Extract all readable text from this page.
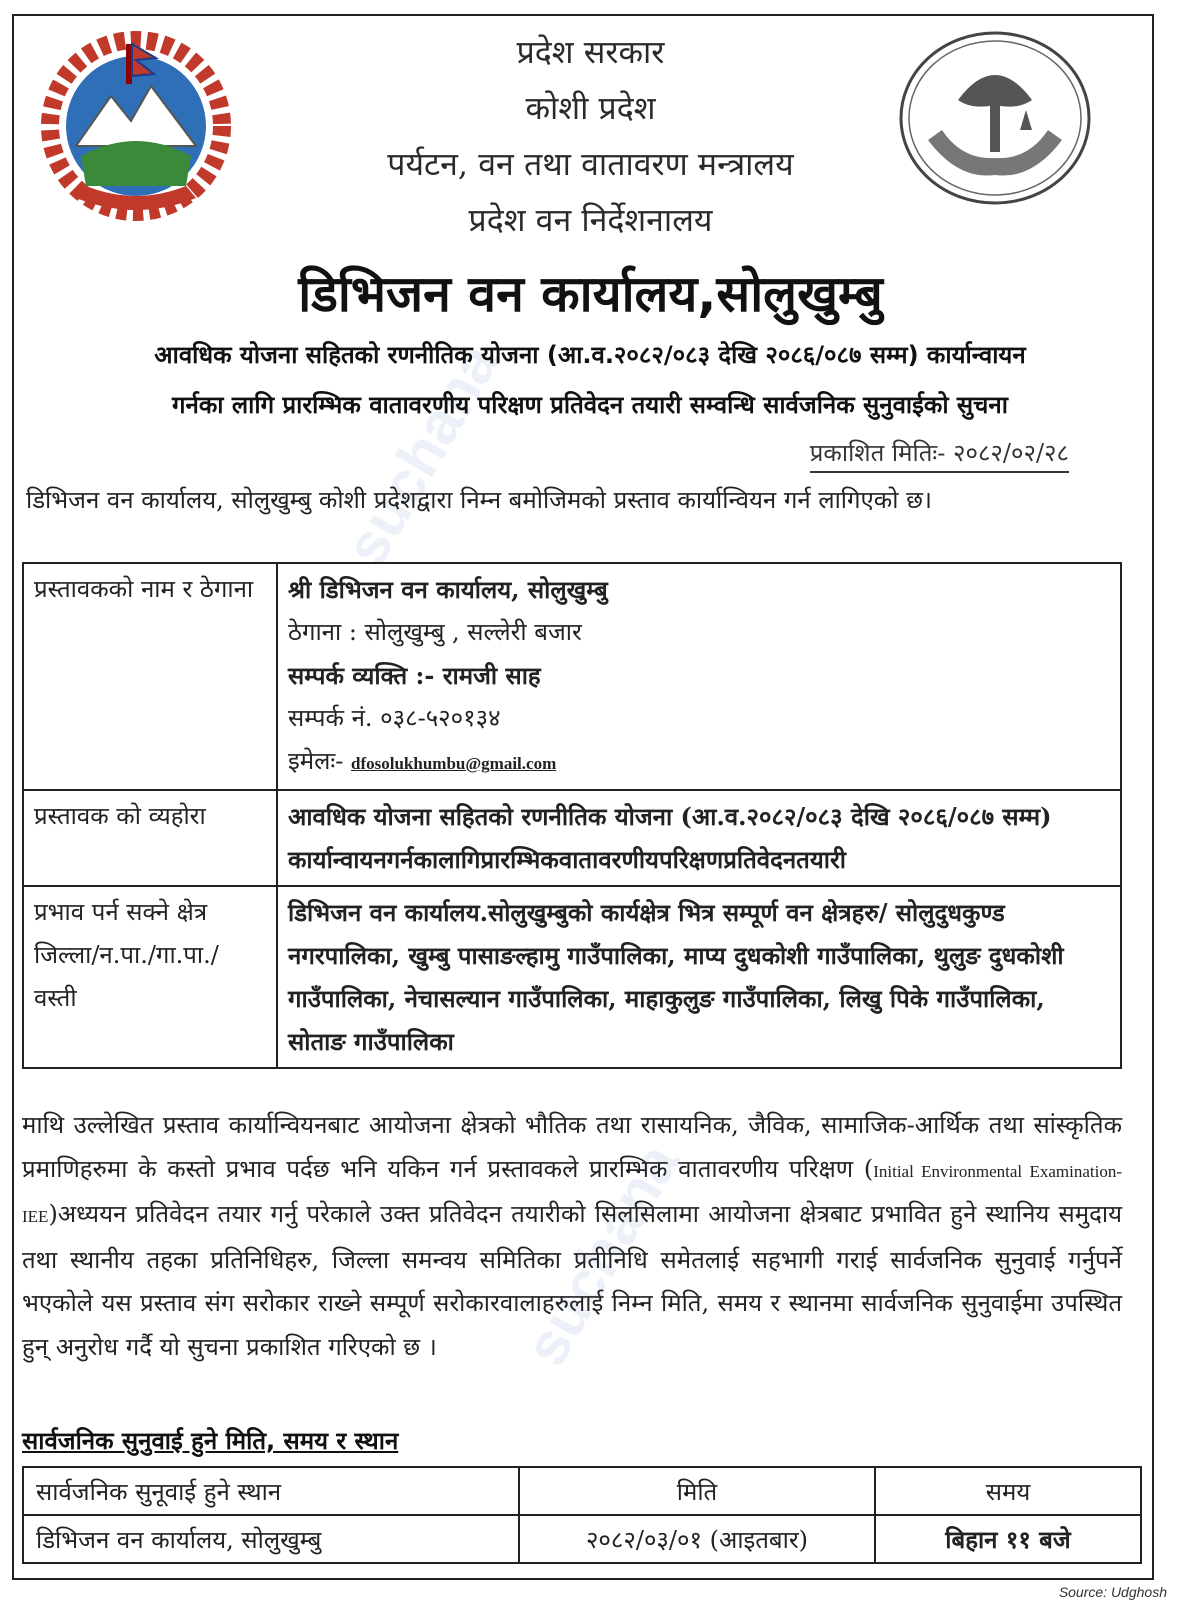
suchana
suchana
प्रदेश सरकार
कोशी प्रदेश
पर्यटन, वन तथा वातावरण मन्त्रालय
प्रदेश वन निर्देशनालय
डिभिजन वन कार्यालय,सोलुखुम्बु
आवधिक योजना सहितको रणनीतिक योजना (आ.व.२०८२/०८३ देखि २०८६/०८७ सम्म) कार्यान्वायन
गर्नका लागि प्रारम्भिक वातावरणीय परिक्षण प्रतिवेदन तयारी सम्वन्धि सार्वजनिक सुनुवाईको सुचना
प्रकाशित मितिः- २०८२/०२/२८
डिभिजन वन कार्यालय, सोलुखुम्बु कोशी प्रदेशद्वारा निम्न बमोजिमको प्रस्ताव कार्यान्वियन गर्न लागिएको छ।
प्रस्तावकको नाम र ठेगाना	श्री डिभिजन वन कार्यालय, सोलुखुम्बु
ठेगाना : सोलुखुम्बु , सल्लेरी बजार
सम्पर्क व्यक्ति :- रामजी साह
सम्पर्क नं. ०३८-५२०१३४
इमेलः- dfosolukhumbu@gmail.com

प्रस्तावक को व्यहोरा	आवधिक योजना सहितको रणनीतिक योजना (आ.व.२०८२/०८३ देखि २०८६/०८७ सम्म)
कार्यान्वायनगर्नकालागिप्रारम्भिकवातावरणीयपरिक्षणप्रतिवेदनतयारी

प्रभाव पर्न सक्ने क्षेत्र जिल्ला/न.पा./गा.पा./ वस्ती	डिभिजन वन कार्यालय.सोलुखुम्बुको कार्यक्षेत्र भित्र सम्पूर्ण वन क्षेत्रहरु/ सोलुदुधकुण्ड नगरपालिका, खुम्बु पासाङल्हामु गाउँपालिका, माप्य दुधकोशी गाउँपालिका, थुलुङ दुधकोशी गाउँपालिका, नेचासल्यान गाउँपालिका, माहाकुलुङ गाउँपालिका, लिखु पिके गाउँपालिका, सोताङ गाउँपालिका
माथि उल्लेखित प्रस्ताव कार्यान्वियनबाट आयोजना क्षेत्रको भौतिक तथा रासायनिक, जैविक, सामाजिक-आर्थिक तथा सांस्कृतिक प्रमाणिहरुमा के कस्तो प्रभाव पर्दछ भनि यकिन गर्न प्रस्तावकले प्रारम्भिक वातावरणीय परिक्षण (Initial Environmental Examination-IEE)अध्ययन प्रतिवेदन तयार गर्नु परेकाले उक्त प्रतिवेदन तयारीको सिलसिलामा आयोजना क्षेत्रबाट प्रभावित हुने स्थानिय समुदाय तथा स्थानीय तहका प्रतिनिधिहरु, जिल्ला समन्वय समितिका प्रतीनिधि समेतलाई सहभागी गराई सार्वजनिक सुनुवाई गर्नुपर्ने भएकोले यस प्रस्ताव संग सरोकार राख्ने सम्पूर्ण सरोकारवालाहरुलाई निम्न मिति, समय र स्थानमा सार्वजनिक सुनुवाईमा उपस्थित हुन् अनुरोध गर्दै यो सुचना प्रकाशित गरिएको छ ।
सार्वजनिक सुनुवाई हुने मिति, समय र स्थान
सार्वजनिक सुनूवाई हुने स्थान	मिति	समय
डिभिजन वन कार्यालय, सोलुखुम्बु	२०८२/०३/०१ (आइतबार)	बिहान ११ बजे
Source: Udghosh
